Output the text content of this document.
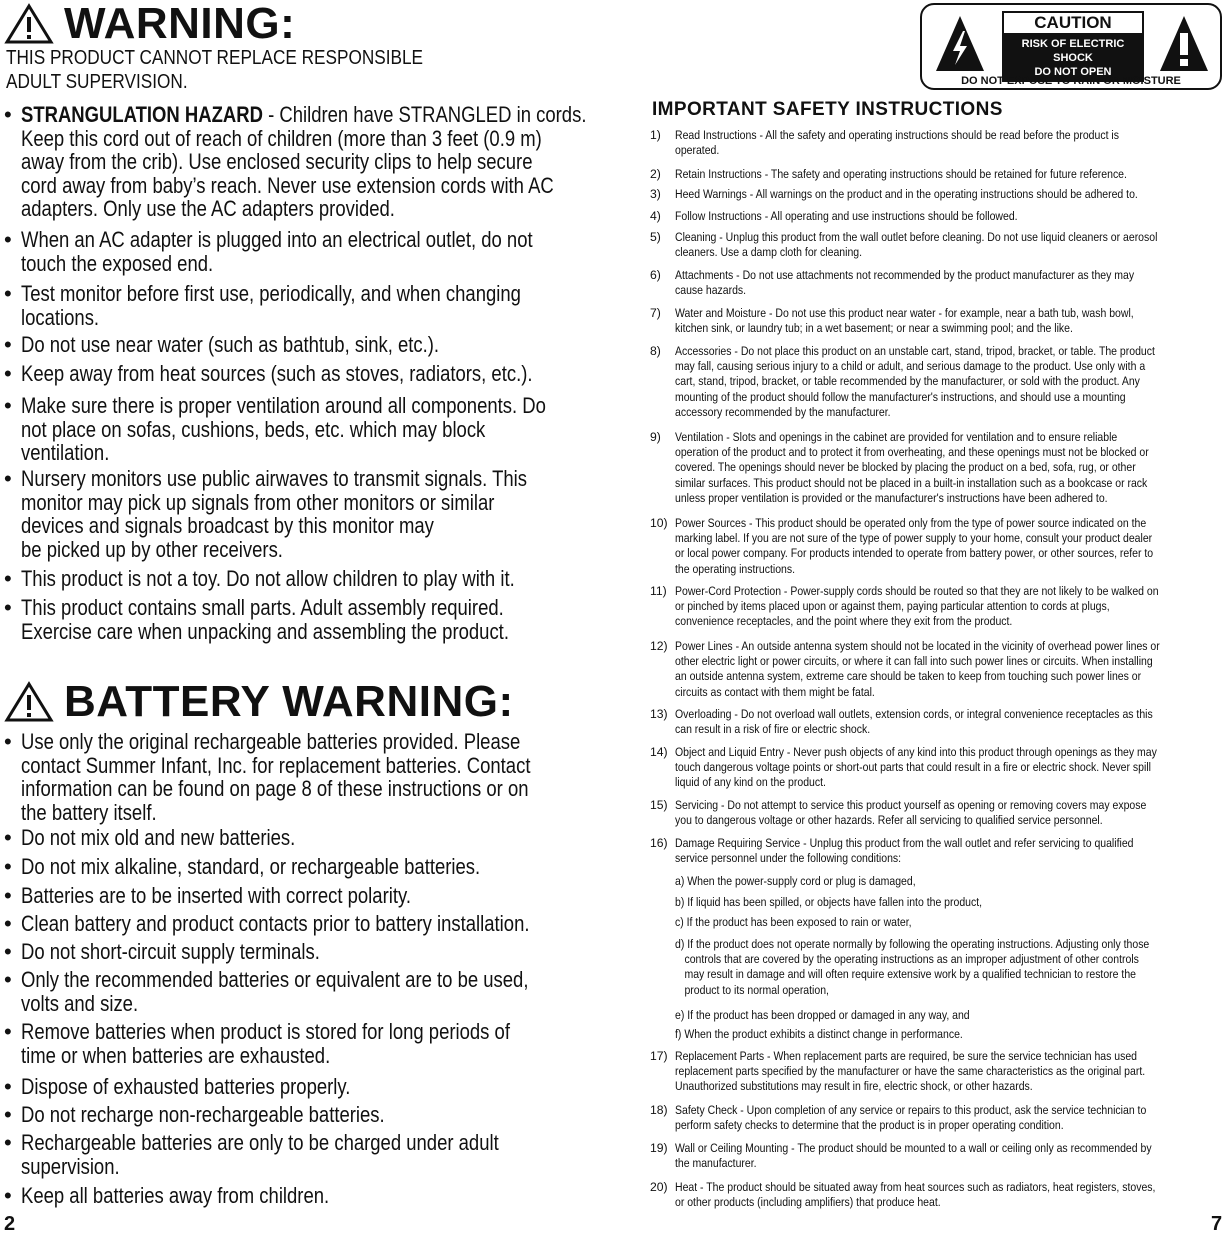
WARNING:
THIS PRODUCT CANNOT REPLACE RESPONSIBLE
ADULT SUPERVISION.
• STRANGULATION HAZARD - Children have STRANGLED in cords.
Keep this cord out of reach of children (more than 3 feet (0.9 m)
away from the crib). Use enclosed security clips to help secure
cord away from baby’s reach. Never use extension cords with AC
adapters. Only use the AC adapters provided.
• When an AC adapter is plugged into an electrical outlet, do not
touch the exposed end.
• Test monitor before first use, periodically, and when changing
locations.
• Do not use near water (such as bathtub, sink, etc.).
• Keep away from heat sources (such as stoves, radiators, etc.).
• Make sure there is proper ventilation around all components. Do
not place on sofas, cushions, beds, etc. which may block
ventilation.
• Nursery monitors use public airwaves to transmit signals. This
monitor may pick up signals from other monitors or similar
devices and signals broadcast by this monitor may
be picked up by other receivers.
• This product is not a toy. Do not allow children to play with it.
• This product contains small parts. Adult assembly required.
Exercise care when unpacking and assembling the product.
BATTERY WARNING:
• Use only the original rechargeable batteries provided. Please
contact Summer Infant, Inc. for replacement batteries. Contact
information can be found on page 8 of these instructions or on
the battery itself.
• Do not mix old and new batteries.
• Do not mix alkaline, standard, or rechargeable batteries.
• Batteries are to be inserted with correct polarity.
• Clean battery and product contacts prior to battery installation.
• Do not short-circuit supply terminals.
• Only the recommended batteries or equivalent are to be used,
volts and size.
• Remove batteries when product is stored for long periods of
time or when batteries are exhausted.
• Dispose of exhausted batteries properly.
• Do not recharge non-rechargeable batteries.
• Rechargeable batteries are only to be charged under adult
supervision.
• Keep all batteries away from children.
2
CAUTION
RISK OF ELECTRIC SHOCK
DO NOT OPEN
DO NOT EXPOSE TO RAIN OR MOISTURE
IMPORTANT SAFETY INSTRUCTIONS
1) Read Instructions - All the safety and operating instructions should be read before the product is
operated.
2) Retain Instructions - The safety and operating instructions should be retained for future reference.
3) Heed Warnings - All warnings on the product and in the operating instructions should be adhered to.
4) Follow Instructions - All operating and use instructions should be followed.
5) Cleaning - Unplug this product from the wall outlet before cleaning. Do not use liquid cleaners or aerosol
cleaners. Use a damp cloth for cleaning.
6) Attachments - Do not use attachments not recommended by the product manufacturer as they may
cause hazards.
7) Water and Moisture - Do not use this product near water - for example, near a bath tub, wash bowl,
kitchen sink, or laundry tub; in a wet basement; or near a swimming pool; and the like.
8) Accessories - Do not place this product on an unstable cart, stand, tripod, bracket, or table. The product
may fall, causing serious injury to a child or adult, and serious damage to the product. Use only with a
cart, stand, tripod, bracket, or table recommended by the manufacturer, or sold with the product. Any
mounting of the product should follow the manufacturer's instructions, and should use a mounting
accessory recommended by the manufacturer.
9) Ventilation - Slots and openings in the cabinet are provided for ventilation and to ensure reliable
operation of the product and to protect it from overheating, and these openings must not be blocked or
covered. The openings should never be blocked by placing the product on a bed, sofa, rug, or other
similar surfaces. This product should not be placed in a built-in installation such as a bookcase or rack
unless proper ventilation is provided or the manufacturer's instructions have been adhered to.
10) Power Sources - This product should be operated only from the type of power source indicated on the
marking label. If you are not sure of the type of power supply to your home, consult your product dealer
or local power company. For products intended to operate from battery power, or other sources, refer to
the operating instructions.
11) Power-Cord Protection - Power-supply cords should be routed so that they are not likely to be walked on
or pinched by items placed upon or against them, paying particular attention to cords at plugs,
convenience receptacles, and the point where they exit from the product.
12) Power Lines - An outside antenna system should not be located in the vicinity of overhead power lines or
other electric light or power circuits, or where it can fall into such power lines or circuits. When installing
an outside antenna system, extreme care should be taken to keep from touching such power lines or
circuits as contact with them might be fatal.
13) Overloading - Do not overload wall outlets, extension cords, or integral convenience receptacles as this
can result in a risk of fire or electric shock.
14) Object and Liquid Entry - Never push objects of any kind into this product through openings as they may
touch dangerous voltage points or short-out parts that could result in a fire or electric shock. Never spill
liquid of any kind on the product.
15) Servicing - Do not attempt to service this product yourself as opening or removing covers may expose
you to dangerous voltage or other hazards. Refer all servicing to qualified service personnel.
16) Damage Requiring Service - Unplug this product from the wall outlet and refer servicing to qualified
service personnel under the following conditions:
17) Replacement Parts - When replacement parts are required, be sure the service technician has used
replacement parts specified by the manufacturer or have the same characteristics as the original part.
Unauthorized substitutions may result in fire, electric shock, or other hazards.
18) Safety Check - Upon completion of any service or repairs to this product, ask the service technician to
perform safety checks to determine that the product is in proper operating condition.
19) Wall or Ceiling Mounting - The product should be mounted to a wall or ceiling only as recommended by
the manufacturer.
20) Heat - The product should be situated away from heat sources such as radiators, heat registers, stoves,
or other products (including amplifiers) that produce heat.
a) When the power-supply cord or plug is damaged,
b) If liquid has been spilled, or objects have fallen into the product,
c) If the product has been exposed to rain or water,
d) If the product does not operate normally by following the operating instructions. Adjusting only those
controls that are covered by the operating instructions as an improper adjustment of other controls
may result in damage and will often require extensive work by a qualified technician to restore the
product to its normal operation,
e) If the product has been dropped or damaged in any way, and
f) When the product exhibits a distinct change in performance.
7
